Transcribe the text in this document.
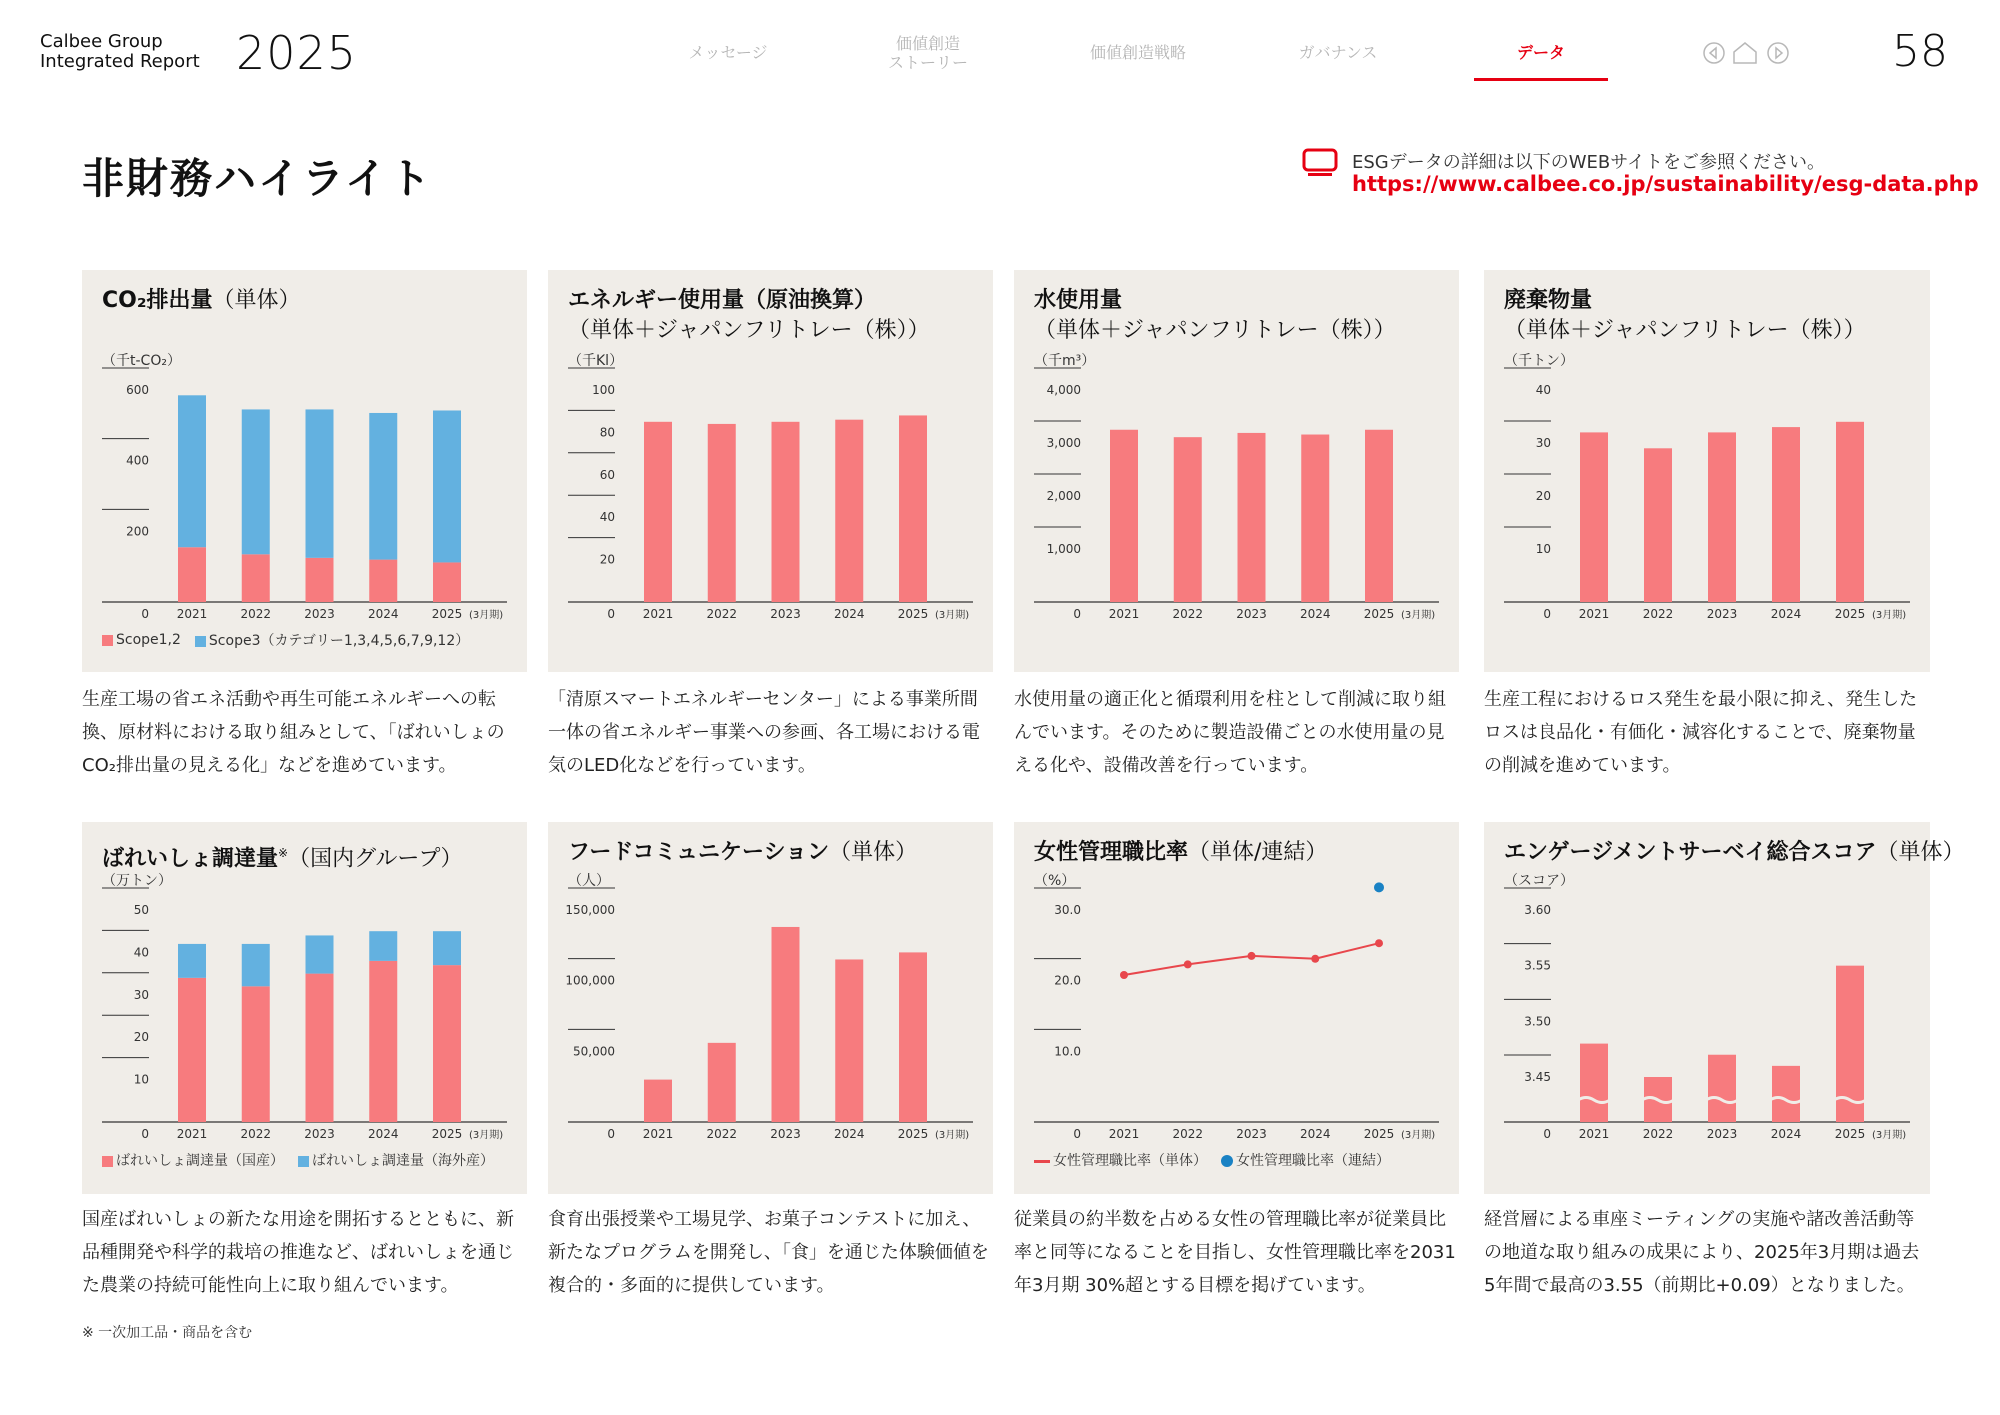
Calbee Group
Integrated Report 2025	メッセージ	価値創造
ストーリー
価値創造戦略	ガバナンス	データ	58
非財務ハイライト	ESGデータの詳細は以下のWEBサイトをご参照ください。
https://www.calbee.co.jp/sustainability/esg-data.php
CO₂排出量（単体）
（千t-CO₂）
0
200
400
600
2021	2022	2023	2024	2025 (3月期)
Scope1,2	Scope3（カテゴリー1,3,4,5,6,7,9,12）
生産工場の省エネ活動や再生可能エネルギーへの転換、原材料における取り組みとして、「ばれいしょのCO₂排出量の見える化」などを進めています。
エネルギー使用量（原油換算）
（単体＋ジャパンフリトレー（株））
（千Kl）
0
20
40
60
80
100
2021	2022	2023	2024	2025 (3月期)
「清原スマートエネルギーセンター」による事業所間一体の省エネルギー事業への参画、各工場における電気のLED化などを行っています。
水使用量
（単体＋ジャパンフリトレー（株））
（千m³）
0
1,000
2,000
3,000
4,000
2021	2022	2023	2024	2025 (3月期)
水使用量の適正化と循環利用を柱として削減に取り組んでいます。そのために製造設備ごとの水使用量の見える化や、設備改善を行っています。
廃棄物量
（単体＋ジャパンフリトレー（株））
（千トン）
0
10
20
30
40
2021	2022	2023	2024	2025 (3月期)
生産工程におけるロス発生を最小限に抑え、発生したロスは良品化・有価化・減容化することで、廃棄物量の削減を進めています。
ばれいしょ調達量※（国内グループ）
（万トン）
0
10
20
30
40
50
2021	2022	2023	2024	2025 (3月期)
ばれいしょ調達量（国産）	ばれいしょ調達量（海外産）
国産ばれいしょの新たな用途を開拓するとともに、新品種開発や科学的栽培の推進など、ばれいしょを通じた農業の持続可能性向上に取り組んでいます。
フードコミュニケーション（単体）
（人）
0
50,000
100,000
150,000
2021	2022	2023	2024	2025 (3月期)
食育出張授業や工場見学、お菓子コンテストに加え、新たなプログラムを開発し、「食」を通じた体験価値を複合的・多面的に提供しています。
女性管理職比率（単体/連結）
（%）
0
10.0
20.0
30.0
2021	2022	2023	2024	2025 (3月期)
女性管理職比率（単体）	女性管理職比率（連結）
従業員の約半数を占める女性の管理職比率が従業員比率と同等になることを目指し、女性管理職比率を2031年3月期 30%超とする目標を掲げています。
エンゲージメントサーベイ総合スコア（単体）
（スコア）
0
3.45
3.50
3.55
3.60
2021	2022	2023	2024	2025 (3月期)
経営層による車座ミーティングの実施や諸改善活動等の地道な取り組みの成果により、2025年3月期は過去5年間で最高の3.55（前期比+0.09）となりました。
※ 一次加工品・商品を含む
